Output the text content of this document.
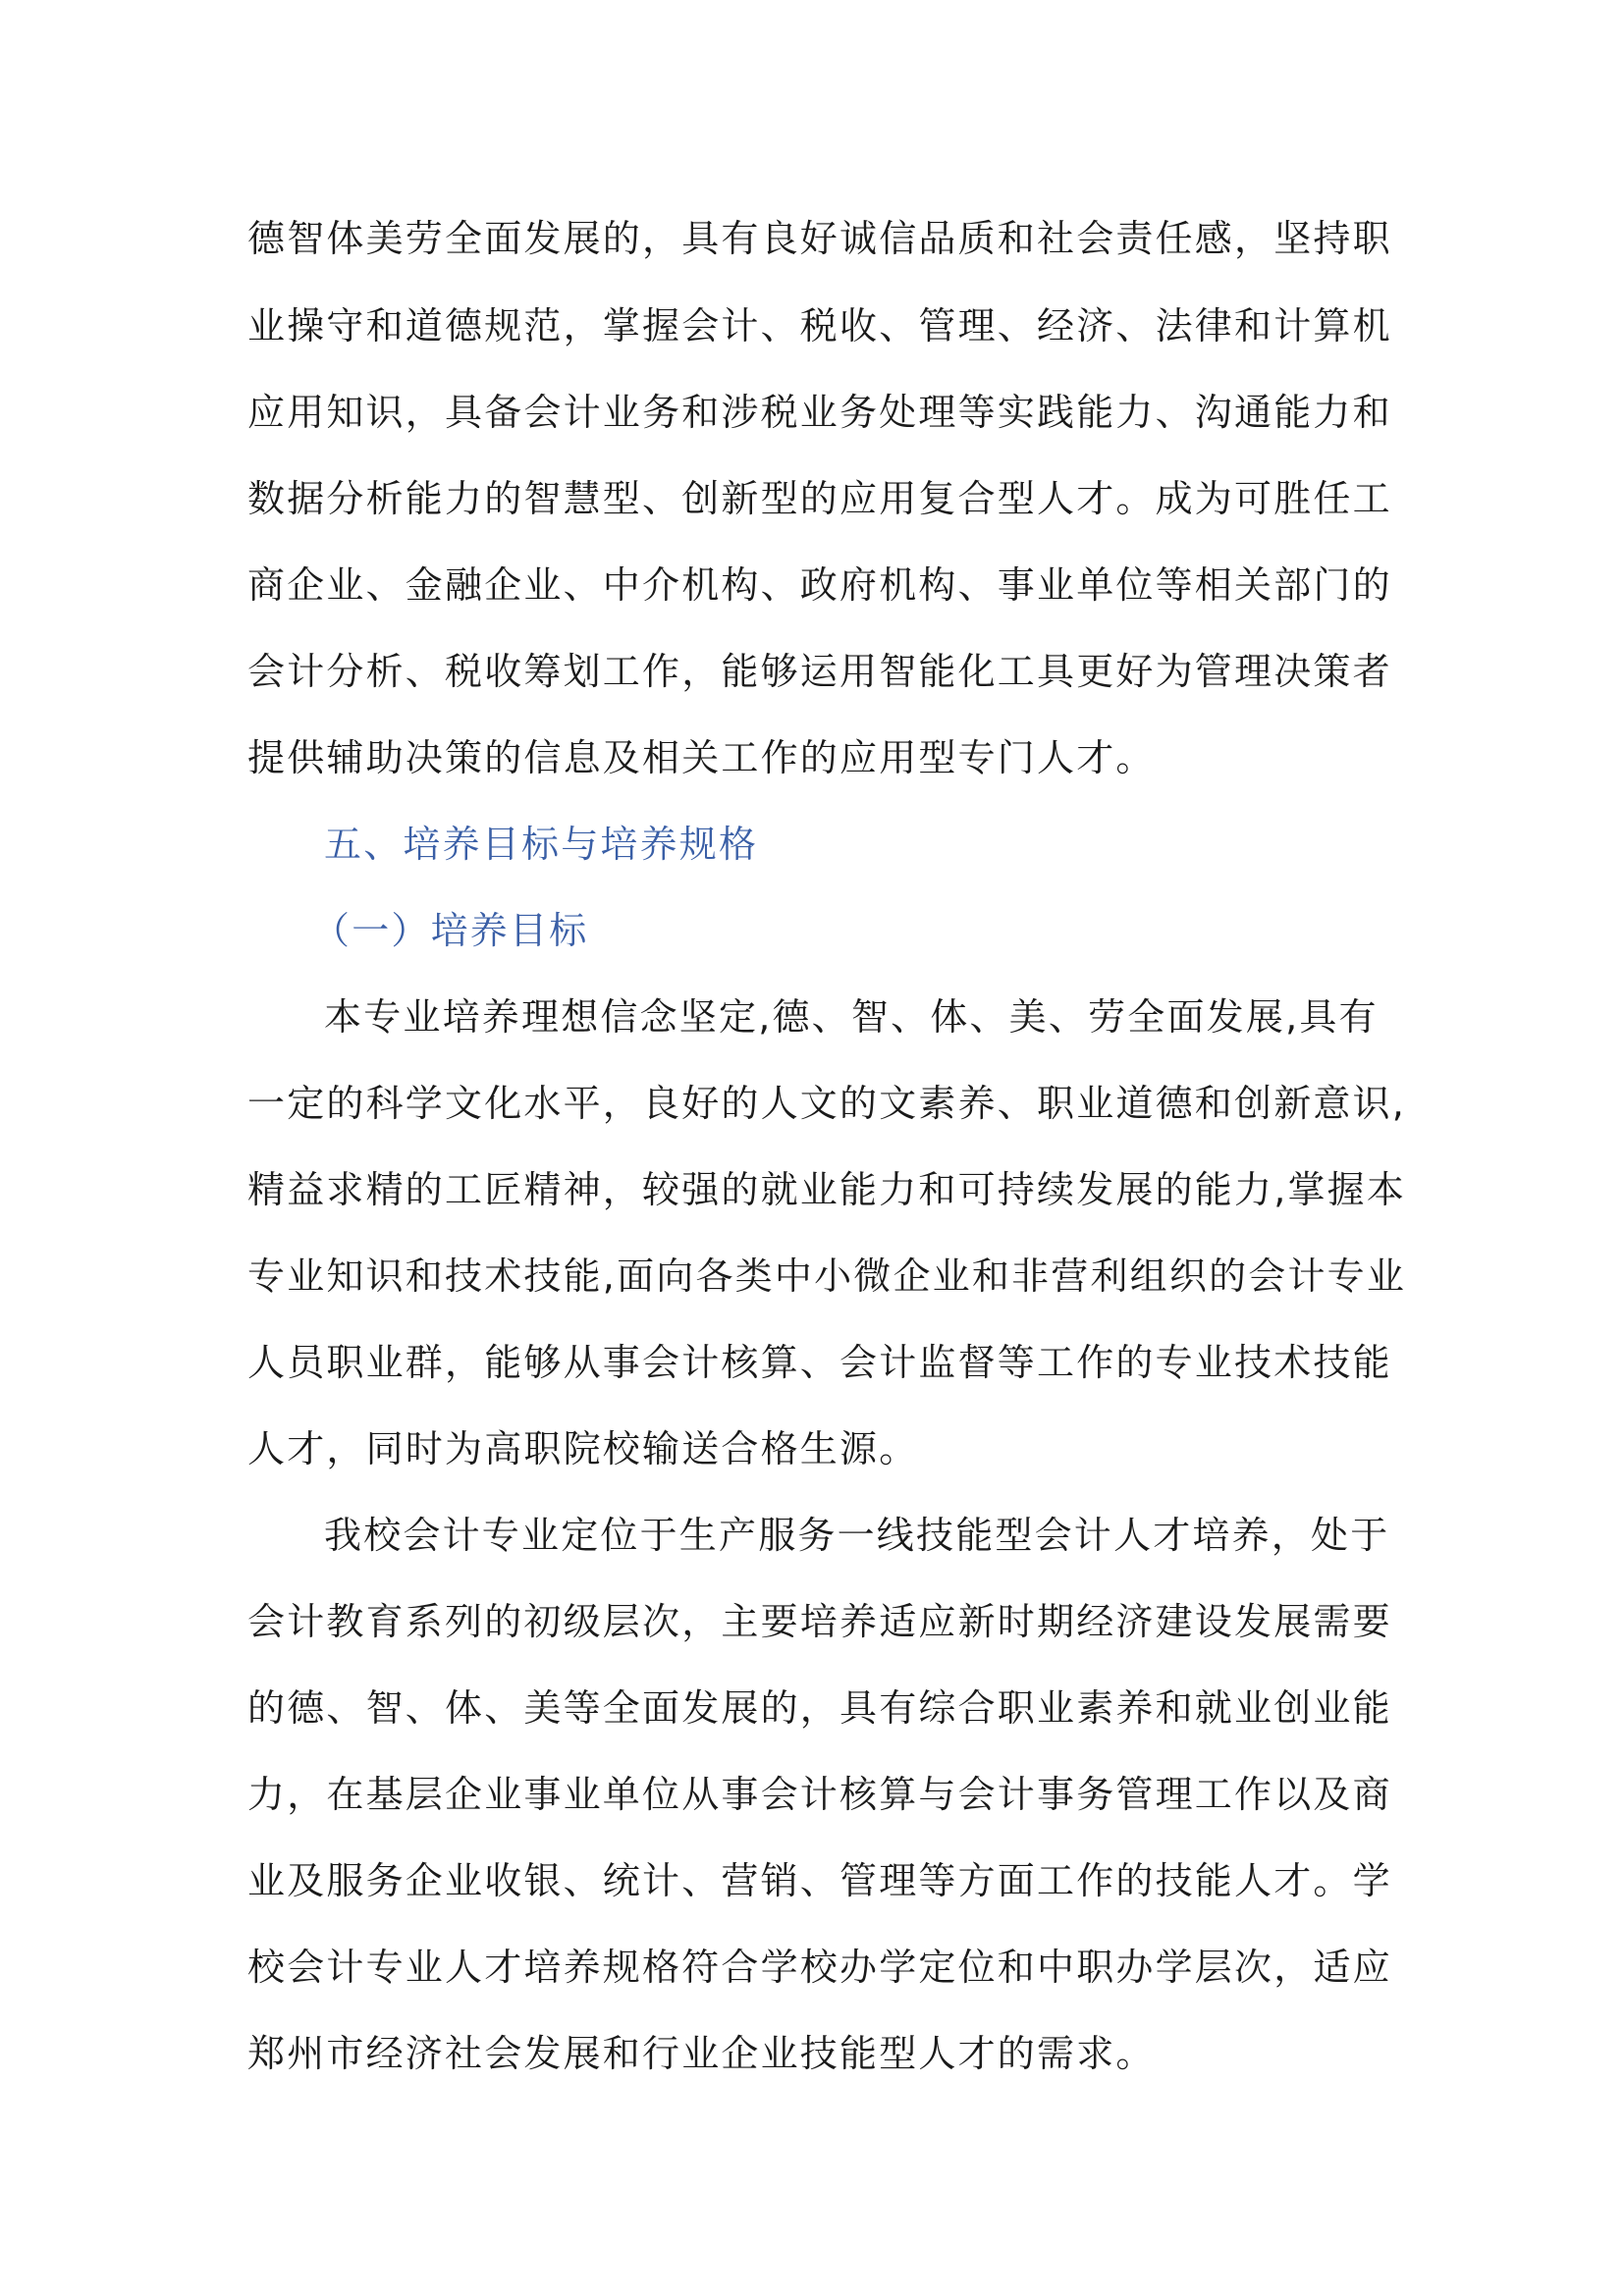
德智体美劳全面发展的，具有良好诚信品质和社会责任感，坚持职
业操守和道德规范，掌握会计、税收、管理、经济、法律和计算机
应用知识，具备会计业务和涉税业务处理等实践能力、沟通能力和
数据分析能力的智慧型、创新型的应用复合型人才。成为可胜任工
商企业、金融企业、中介机构、政府机构、事业单位等相关部门的
会计分析、税收筹划工作，能够运用智能化工具更好为管理决策者
提供辅助决策的信息及相关工作的应用型专门人才。
五、培养目标与培养规格
（一）培养目标
本专业培养理想信念坚定,德、智、体、美、劳全面发展,具有
一定的科学文化水平，良好的人文的文素养、职业道德和创新意识,
精益求精的工匠精神，较强的就业能力和可持续发展的能力,掌握本
专业知识和技术技能,面向各类中小微企业和非营利组织的会计专业
人员职业群，能够从事会计核算、会计监督等工作的专业技术技能
人才，同时为高职院校输送合格生源。
我校会计专业定位于生产服务一线技能型会计人才培养，处于
会计教育系列的初级层次，主要培养适应新时期经济建设发展需要
的德、智、体、美等全面发展的，具有综合职业素养和就业创业能
力，在基层企业事业单位从事会计核算与会计事务管理工作以及商
业及服务企业收银、统计、营销、管理等方面工作的技能人才。学
校会计专业人才培养规格符合学校办学定位和中职办学层次，适应
郑州市经济社会发展和行业企业技能型人才的需求。
